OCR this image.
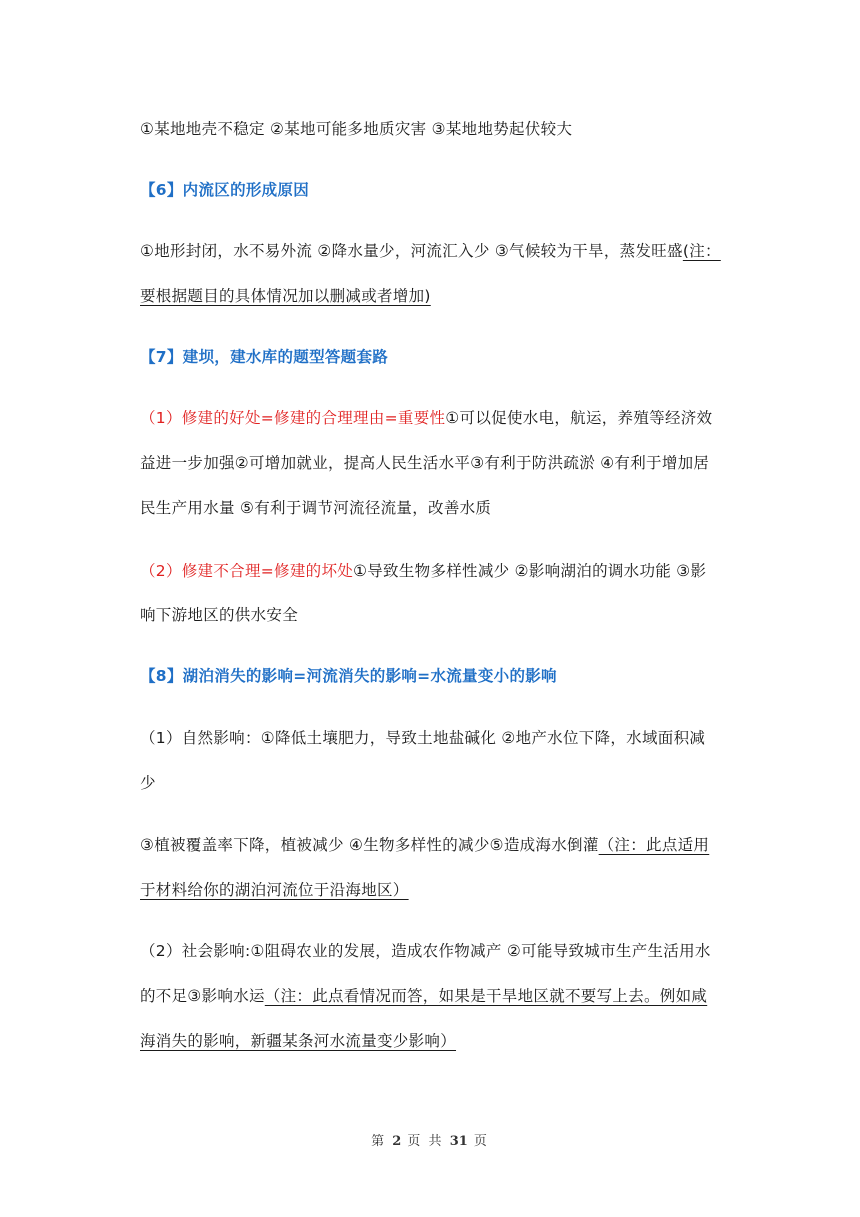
①某地地壳不稳定 ②某地可能多地质灾害 ③某地地势起伏较大
【6】内流区的形成原因
①地形封闭，水不易外流 ②降水量少，河流汇入少 ③气候较为干旱，蒸发旺盛(注：
要根据题目的具体情况加以删减或者增加)
【7】建坝，建水库的题型答题套路
（1）修建的好处=修建的合理理由=重要性①可以促使水电，航运，养殖等经济效
益进一步加强②可增加就业，提高人民生活水平③有利于防洪疏淤 ④有利于增加居
民生产用水量 ⑤有利于调节河流径流量，改善水质
（2）修建不合理=修建的坏处①导致生物多样性减少 ②影响湖泊的调水功能 ③影
响下游地区的供水安全
【8】湖泊消失的影响=河流消失的影响=水流量变小的影响
（1）自然影响：①降低土壤肥力，导致土地盐碱化 ②地产水位下降，水域面积减
少
③植被覆盖率下降，植被减少 ④生物多样性的减少⑤造成海水倒灌（注：此点适用
于材料给你的湖泊河流位于沿海地区）
（2）社会影响:①阻碍农业的发展，造成农作物减产 ②可能导致城市生产生活用水
的不足③影响水运（注：此点看情况而答，如果是干旱地区就不要写上去。例如咸
海消失的影响，新疆某条河水流量变少影响）
第 2 页 共 31 页
